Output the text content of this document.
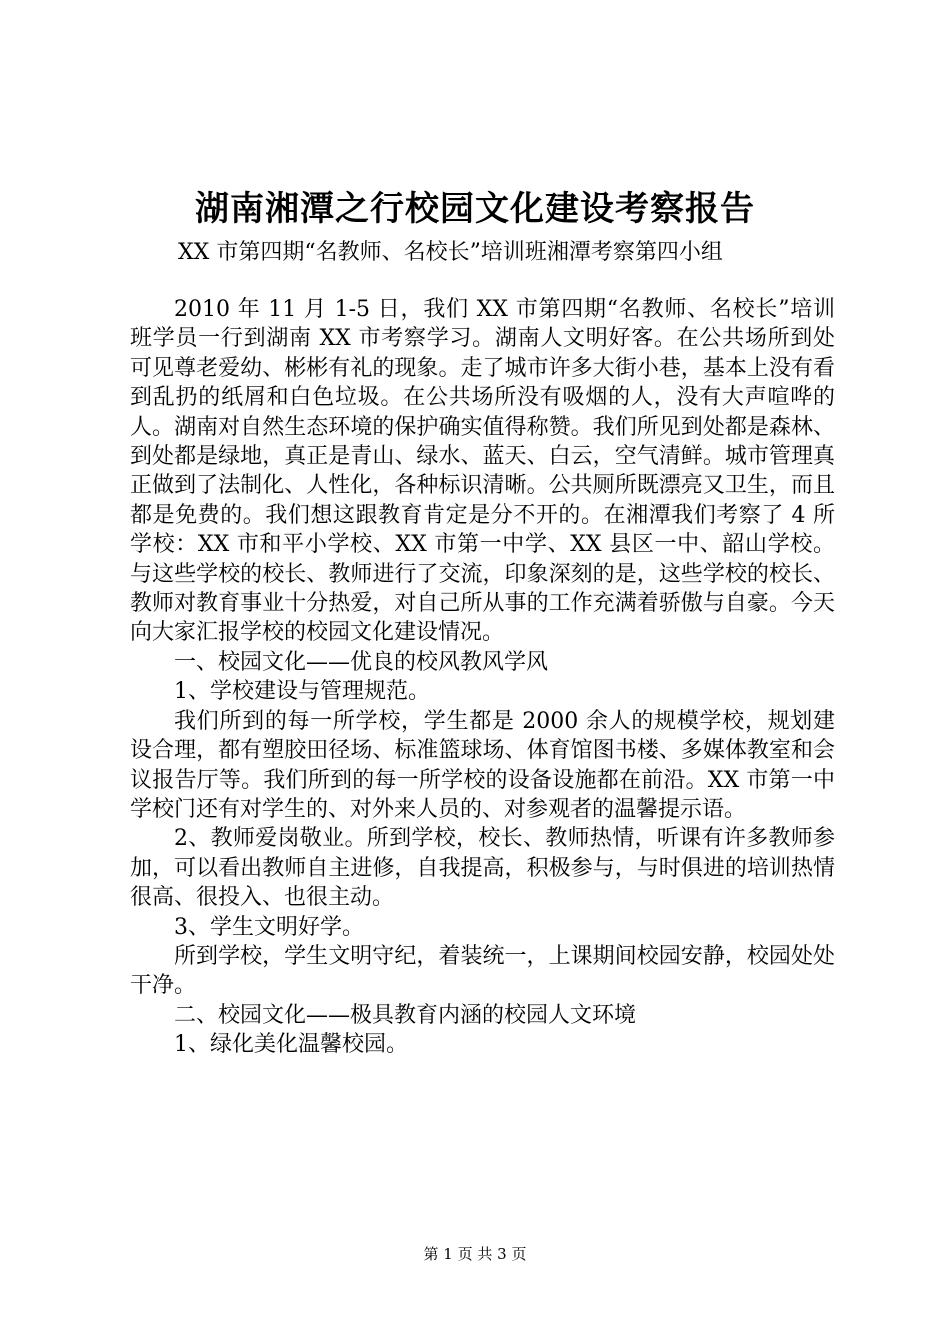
湖南湘潭之行校园文化建设考察报告

XX 市第四期“名教师、名校长”培训班湘潭考察第四小组

2010 年 11 月 1-5 日，我们 XX 市第四期“名教师、名校长”培训班学员一行到湖南 XX 市考察学习。湖南人文明好客。在公共场所到处可见尊老爱幼、彬彬有礼的现象。走了城市许多大街小巷，基本上没有看到乱扔的纸屑和白色垃圾。在公共场所没有吸烟的人，没有大声喧哗的人。湖南对自然生态环境的保护确实值得称赞。我们所见到处都是森林、到处都是绿地，真正是青山、绿水、蓝天、白云，空气清鲜。城市管理真正做到了法制化、人性化，各种标识清晰。公共厕所既漂亮又卫生，而且都是免费的。我们想这跟教育肯定是分不开的。在湘潭我们考察了 4 所学校：XX 市和平小学校、XX 市第一中学、XX 县区一中、韶山学校。与这些学校的校长、教师进行了交流，印象深刻的是，这些学校的校长、教师对教育事业十分热爱，对自己所从事的工作充满着骄傲与自豪。今天向大家汇报学校的校园文化建设情况。

一、校园文化——优良的校风教风学风

1、学校建设与管理规范。

我们所到的每一所学校，学生都是 2000 余人的规模学校，规划建设合理，都有塑胶田径场、标准篮球场、体育馆图书楼、多媒体教室和会议报告厅等。我们所到的每一所学校的设备设施都在前沿。XX 市第一中学校门还有对学生的、对外来人员的、对参观者的温馨提示语。

2、教师爱岗敬业。所到学校，校长、教师热情，听课有许多教师参加，可以看出教师自主进修，自我提高，积极参与，与时俱进的培训热情很高、很投入、也很主动。

3、学生文明好学。

所到学校，学生文明守纪，着装统一，上课期间校园安静，校园处处干净。

二、校园文化——极具教育内涵的校园人文环境

1、绿化美化温馨校园。

第 1 页 共 3 页
